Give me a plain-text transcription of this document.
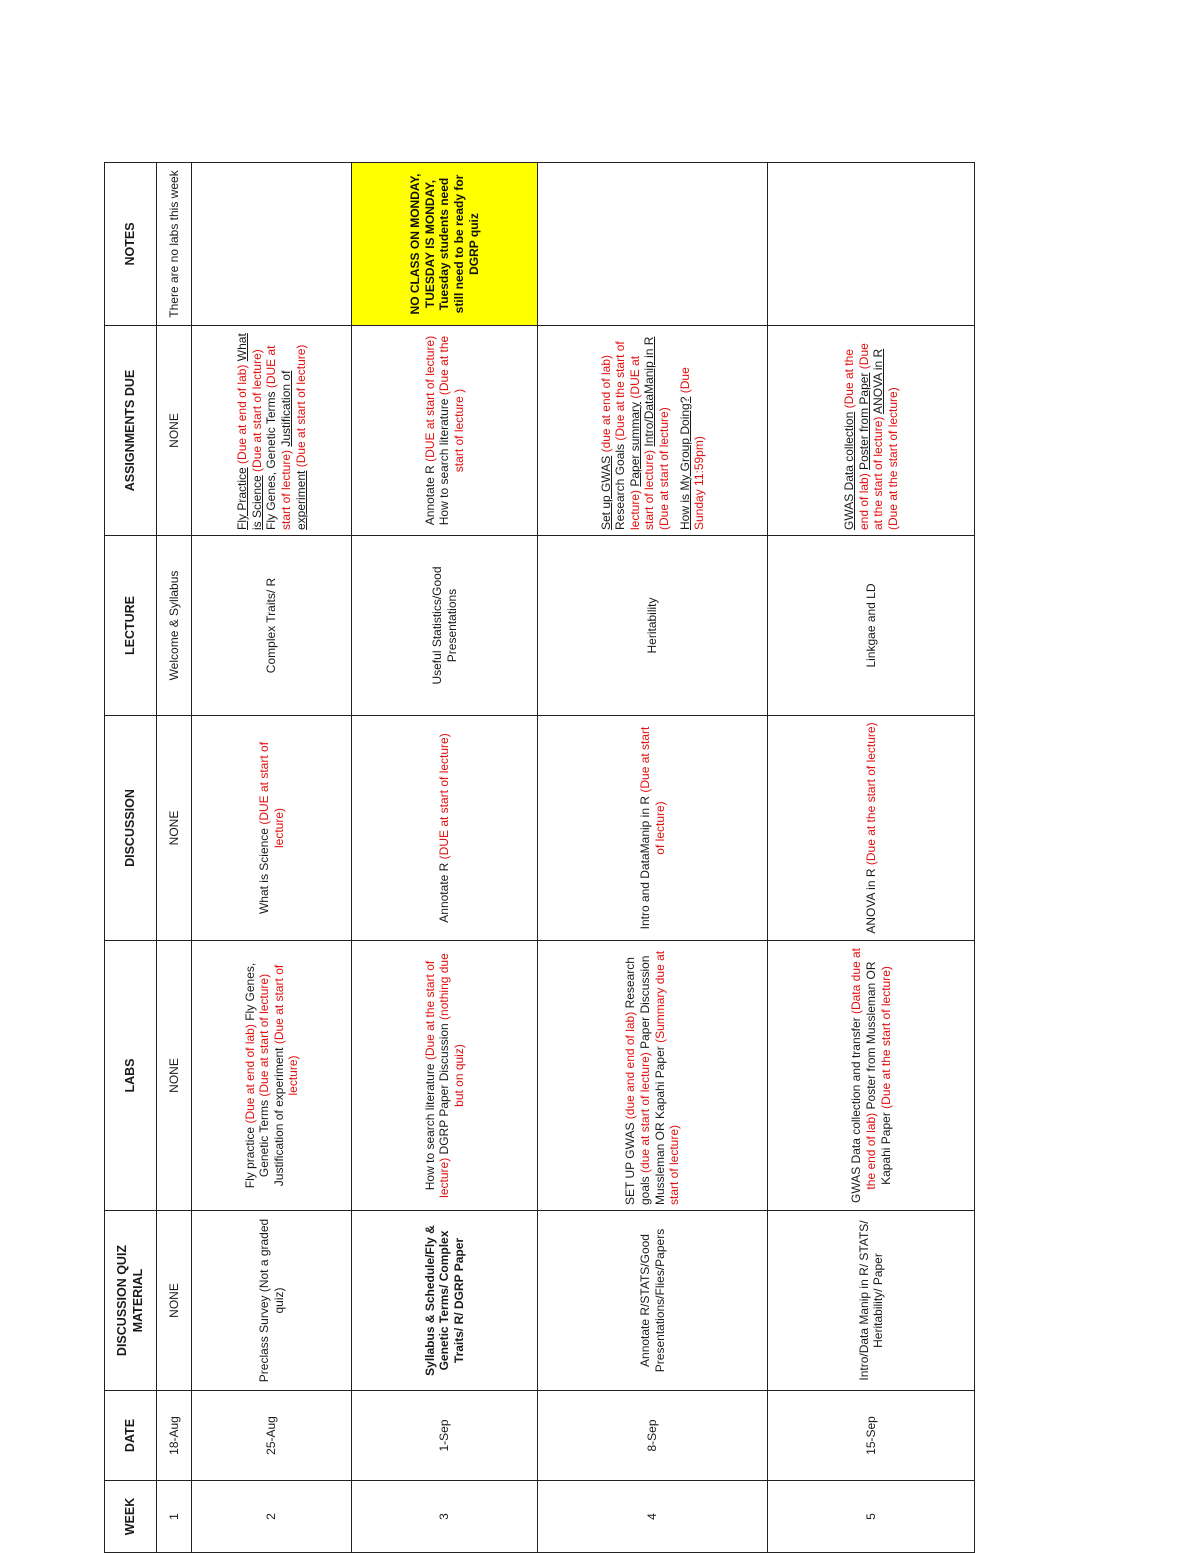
WEEK	DATE	DISCUSSION QUIZ MATERIAL	LABS	DISCUSSION	LECTURE	ASSIGNMENTS DUE	NOTES
1	18-Aug	NONE	NONE	NONE	Welcome & Syllabus	NONE	There are no labs this week
2	25-Aug	Preclass Survey (Not a graded quiz)	Fly practice (Due at end of lab) Fly Genes, Genetic Terms (Due at start of lecture) Justification of experiment (Due at start of lecture)	What is Science (DUE at start of lecture)	Complex Traits/ R	Fly Practice (Due at end of lab) What is Science (Due at start of lecture) Fly Genes, Genetic Terms (DUE at start of lecture) Justification of experiment (Due at start of lecture)	
3	1-Sep	Syllabus & Schedule/Fly & Genetic Terms/ Complex Traits/ R/ DGRP Paper	How to search literature (Due at the start of lecture) DGRP Paper Discussion (nothing due but on quiz)	Annotate R (DUE at start of lecture)	Useful Statistics/Good Presentations	Annotate R (DUE at start of lecture) How to search literature (Due at the start of lecture )	NO CLASS ON MONDAY, TUESDAY IS MONDAY, Tuesday students need still need to be ready for DGRP quiz
4	8-Sep	Annotate R/STATS/Good Presentations/Flies/Papers	SET UP GWAS (due and end of lab) Research goals (due at start of lecture) Paper Discussion Mussleman OR Kapahi Paper (Summary due at start of lecture)	Intro and DataManip in R (Due at start of lecture)	Heritability	Set up GWAS (due at end of lab) Research Goals (Due at the start of lecture) Paper summary (DUE at start of lecture) Intro/DataManip in R (Due at start of lecture) How is My Group Doing? (Due Sunday 11:59pm)	
5	15-Sep	Intro/Data Manip in R/ STATS/ Heritability/ Paper	GWAS Data collection and transfer (Data due at the end of lab) Poster from Mussleman OR Kapahi Paper (Due at the start of lecture)	ANOVA in R (Due at the start of lecture)	Linkgae and LD	GWAS Data collection (Due at the end of lab) Poster from Paper (Due at the start of lecture) ANOVA in R (Due at the start of lecture)	
